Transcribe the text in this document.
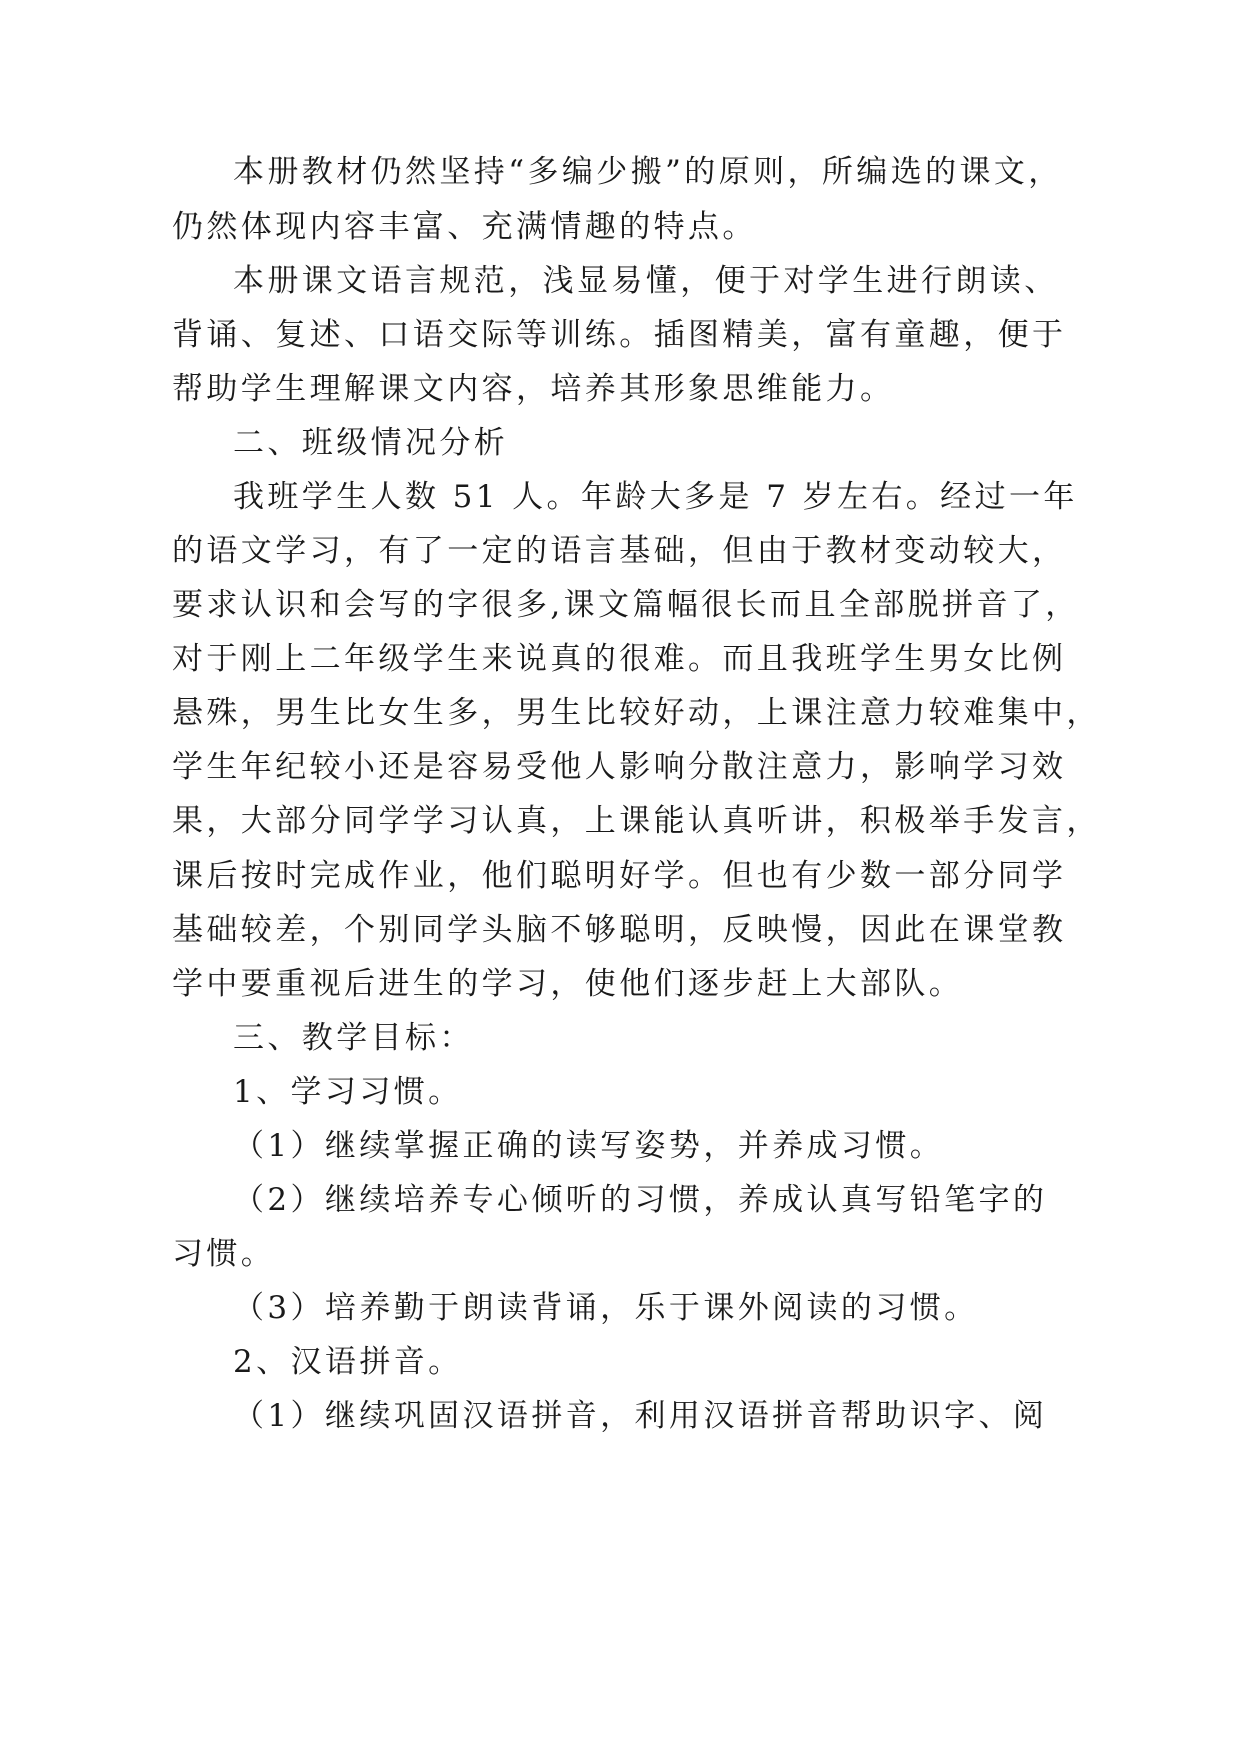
本册教材仍然坚持“多编少搬”的原则，所编选的课文，
仍然体现内容丰富、充满情趣的特点。
本册课文语言规范，浅显易懂，便于对学生进行朗读、
背诵、复述、口语交际等训练。插图精美，富有童趣，便于
帮助学生理解课文内容，培养其形象思维能力。
二、班级情况分析
我班学生人数 51 人。年龄大多是 7 岁左右。经过一年
的语文学习，有了一定的语言基础，但由于教材变动较大，
要求认识和会写的字很多,课文篇幅很长而且全部脱拼音了，
对于刚上二年级学生来说真的很难。而且我班学生男女比例
悬殊，男生比女生多，男生比较好动，上课注意力较难集中，
学生年纪较小还是容易受他人影响分散注意力，影响学习效
果，大部分同学学习认真，上课能认真听讲，积极举手发言，
课后按时完成作业，他们聪明好学。但也有少数一部分同学
基础较差，个别同学头脑不够聪明，反映慢，因此在课堂教
学中要重视后进生的学习，使他们逐步赶上大部队。
三、教学目标：
1、学习习惯。
（1）继续掌握正确的读写姿势，并养成习惯。
（2）继续培养专心倾听的习惯，养成认真写铅笔字的
习惯。
（3）培养勤于朗读背诵，乐于课外阅读的习惯。
2、汉语拼音。
（1）继续巩固汉语拼音，利用汉语拼音帮助识字、阅
